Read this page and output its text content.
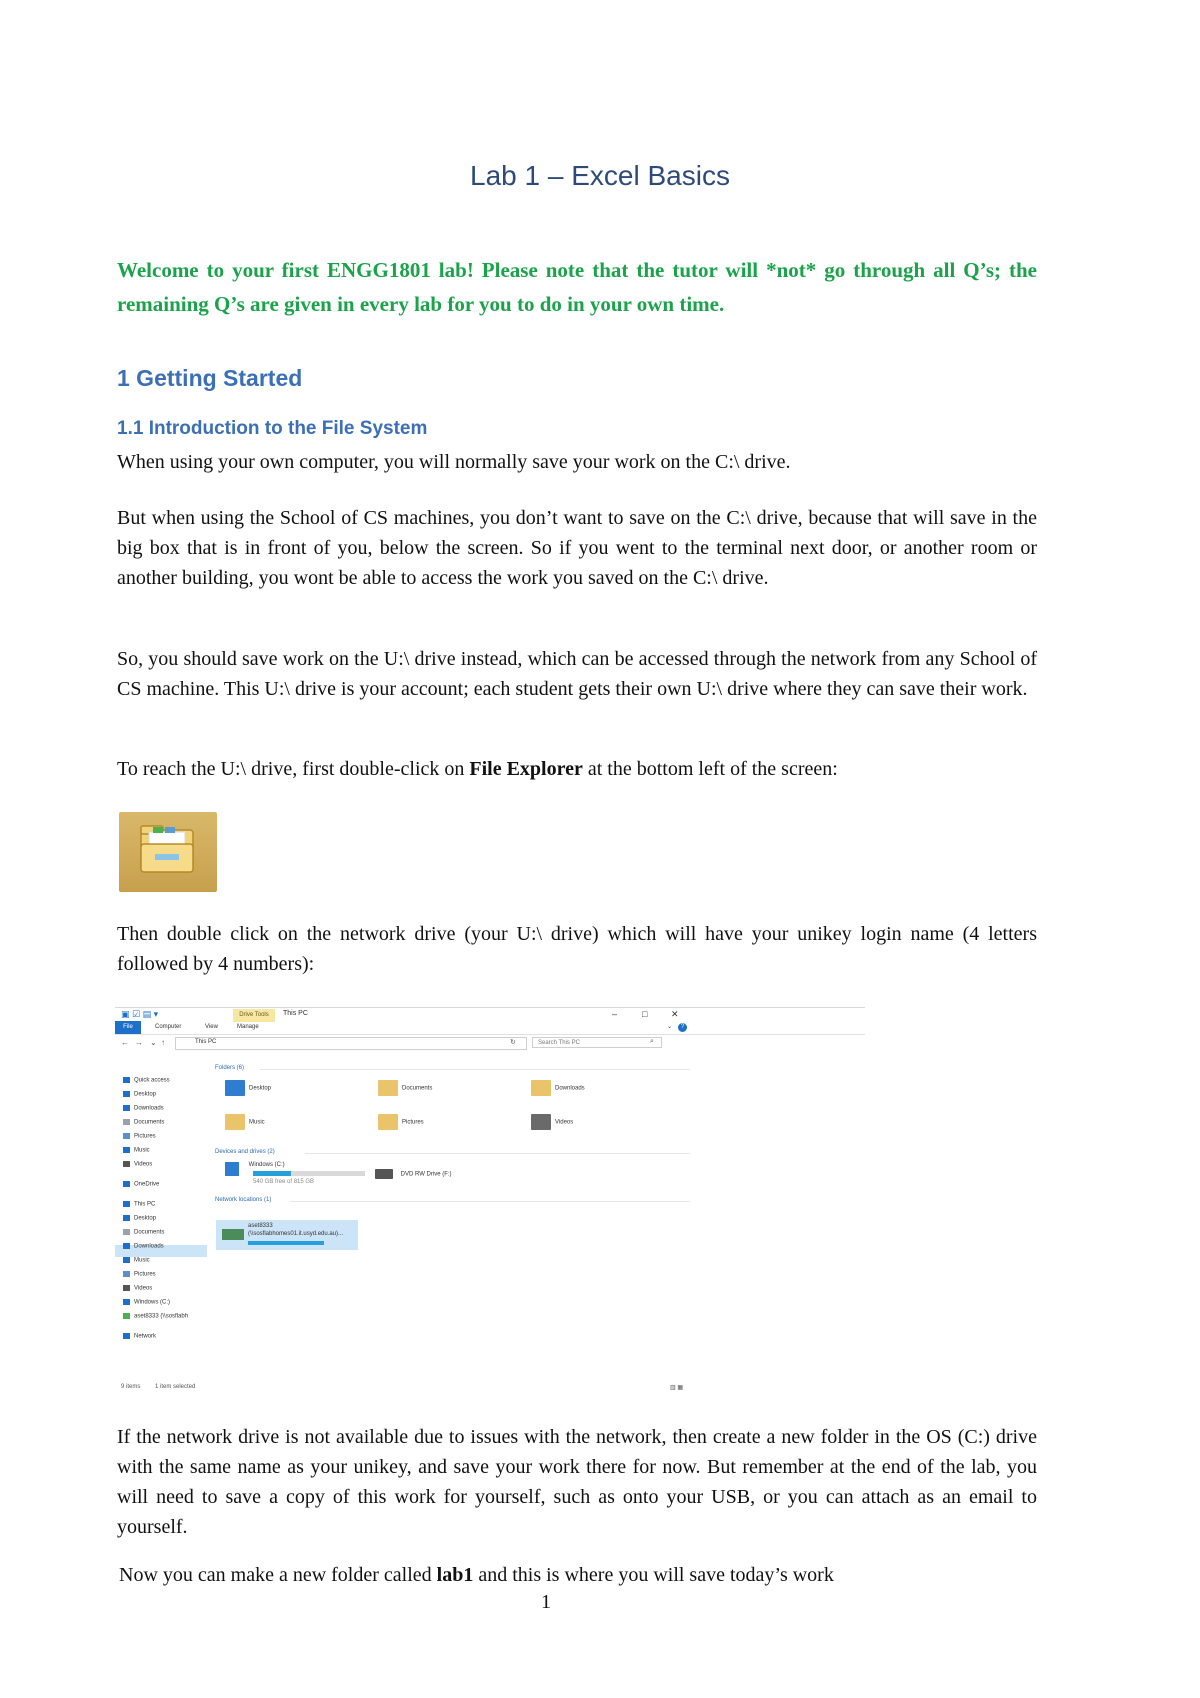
Lab 1 – Excel Basics
Welcome to your first ENGG1801 lab! Please note that the tutor will *not* go through all Q’s; the remaining Q’s are given in every lab for you to do in your own time.
1 Getting Started
1.1 Introduction to the File System
When using your own computer, you will normally save your work on the C:\ drive.
But when using the School of CS machines, you don’t want to save on the C:\ drive, because that will save in the big box that is in front of you, below the screen. So if you went to the terminal next door, or another room or another building, you wont be able to access the work you saved on the C:\ drive.
So, you should save work on the U:\ drive instead, which can be accessed through the network from any School of CS machine. This U:\ drive is your account; each student gets their own U:\ drive where they can save their work.
To reach the U:\ drive, first double-click on File Explorer at the bottom left of the screen:
Then double click on the network drive (your U:\ drive) which will have your unikey login name (4 letters followed by 4 numbers):
▣ ☑ ▤ ▾	Drive Tools	This PC	–	□	✕
File	Computer	View	Manage	⌄	?
← → ⌄ ↑	This PC	↻	Search This PC	⌕
Quick access
Desktop
Downloads
Documents
Pictures
Music
Videos
OneDrive
This PC
Desktop
Documents
Downloads
Music
Pictures
Videos
Windows (C:)
aset8333 (\\sosflabh
Network
Folders (6)
Desktop	Documents	Downloads
Music	Pictures	Videos
Devices and drives (2)
Windows (C:)
540 GB free of 815 GB
DVD RW Drive (F:)
Network locations (1)
aset8333
(\\sosflabhomes01.it.usyd.edu.au)...
9 items 1 item selected	▥ ▦
If the network drive is not available due to issues with the network, then create a new folder in the OS (C:) drive with the same name as your unikey, and save your work there for now. But remember at the end of the lab, you will need to save a copy of this work for yourself, such as onto your USB, or you can attach as an email to yourself.
Now you can make a new folder called lab1 and this is where you will save today’s work
1
